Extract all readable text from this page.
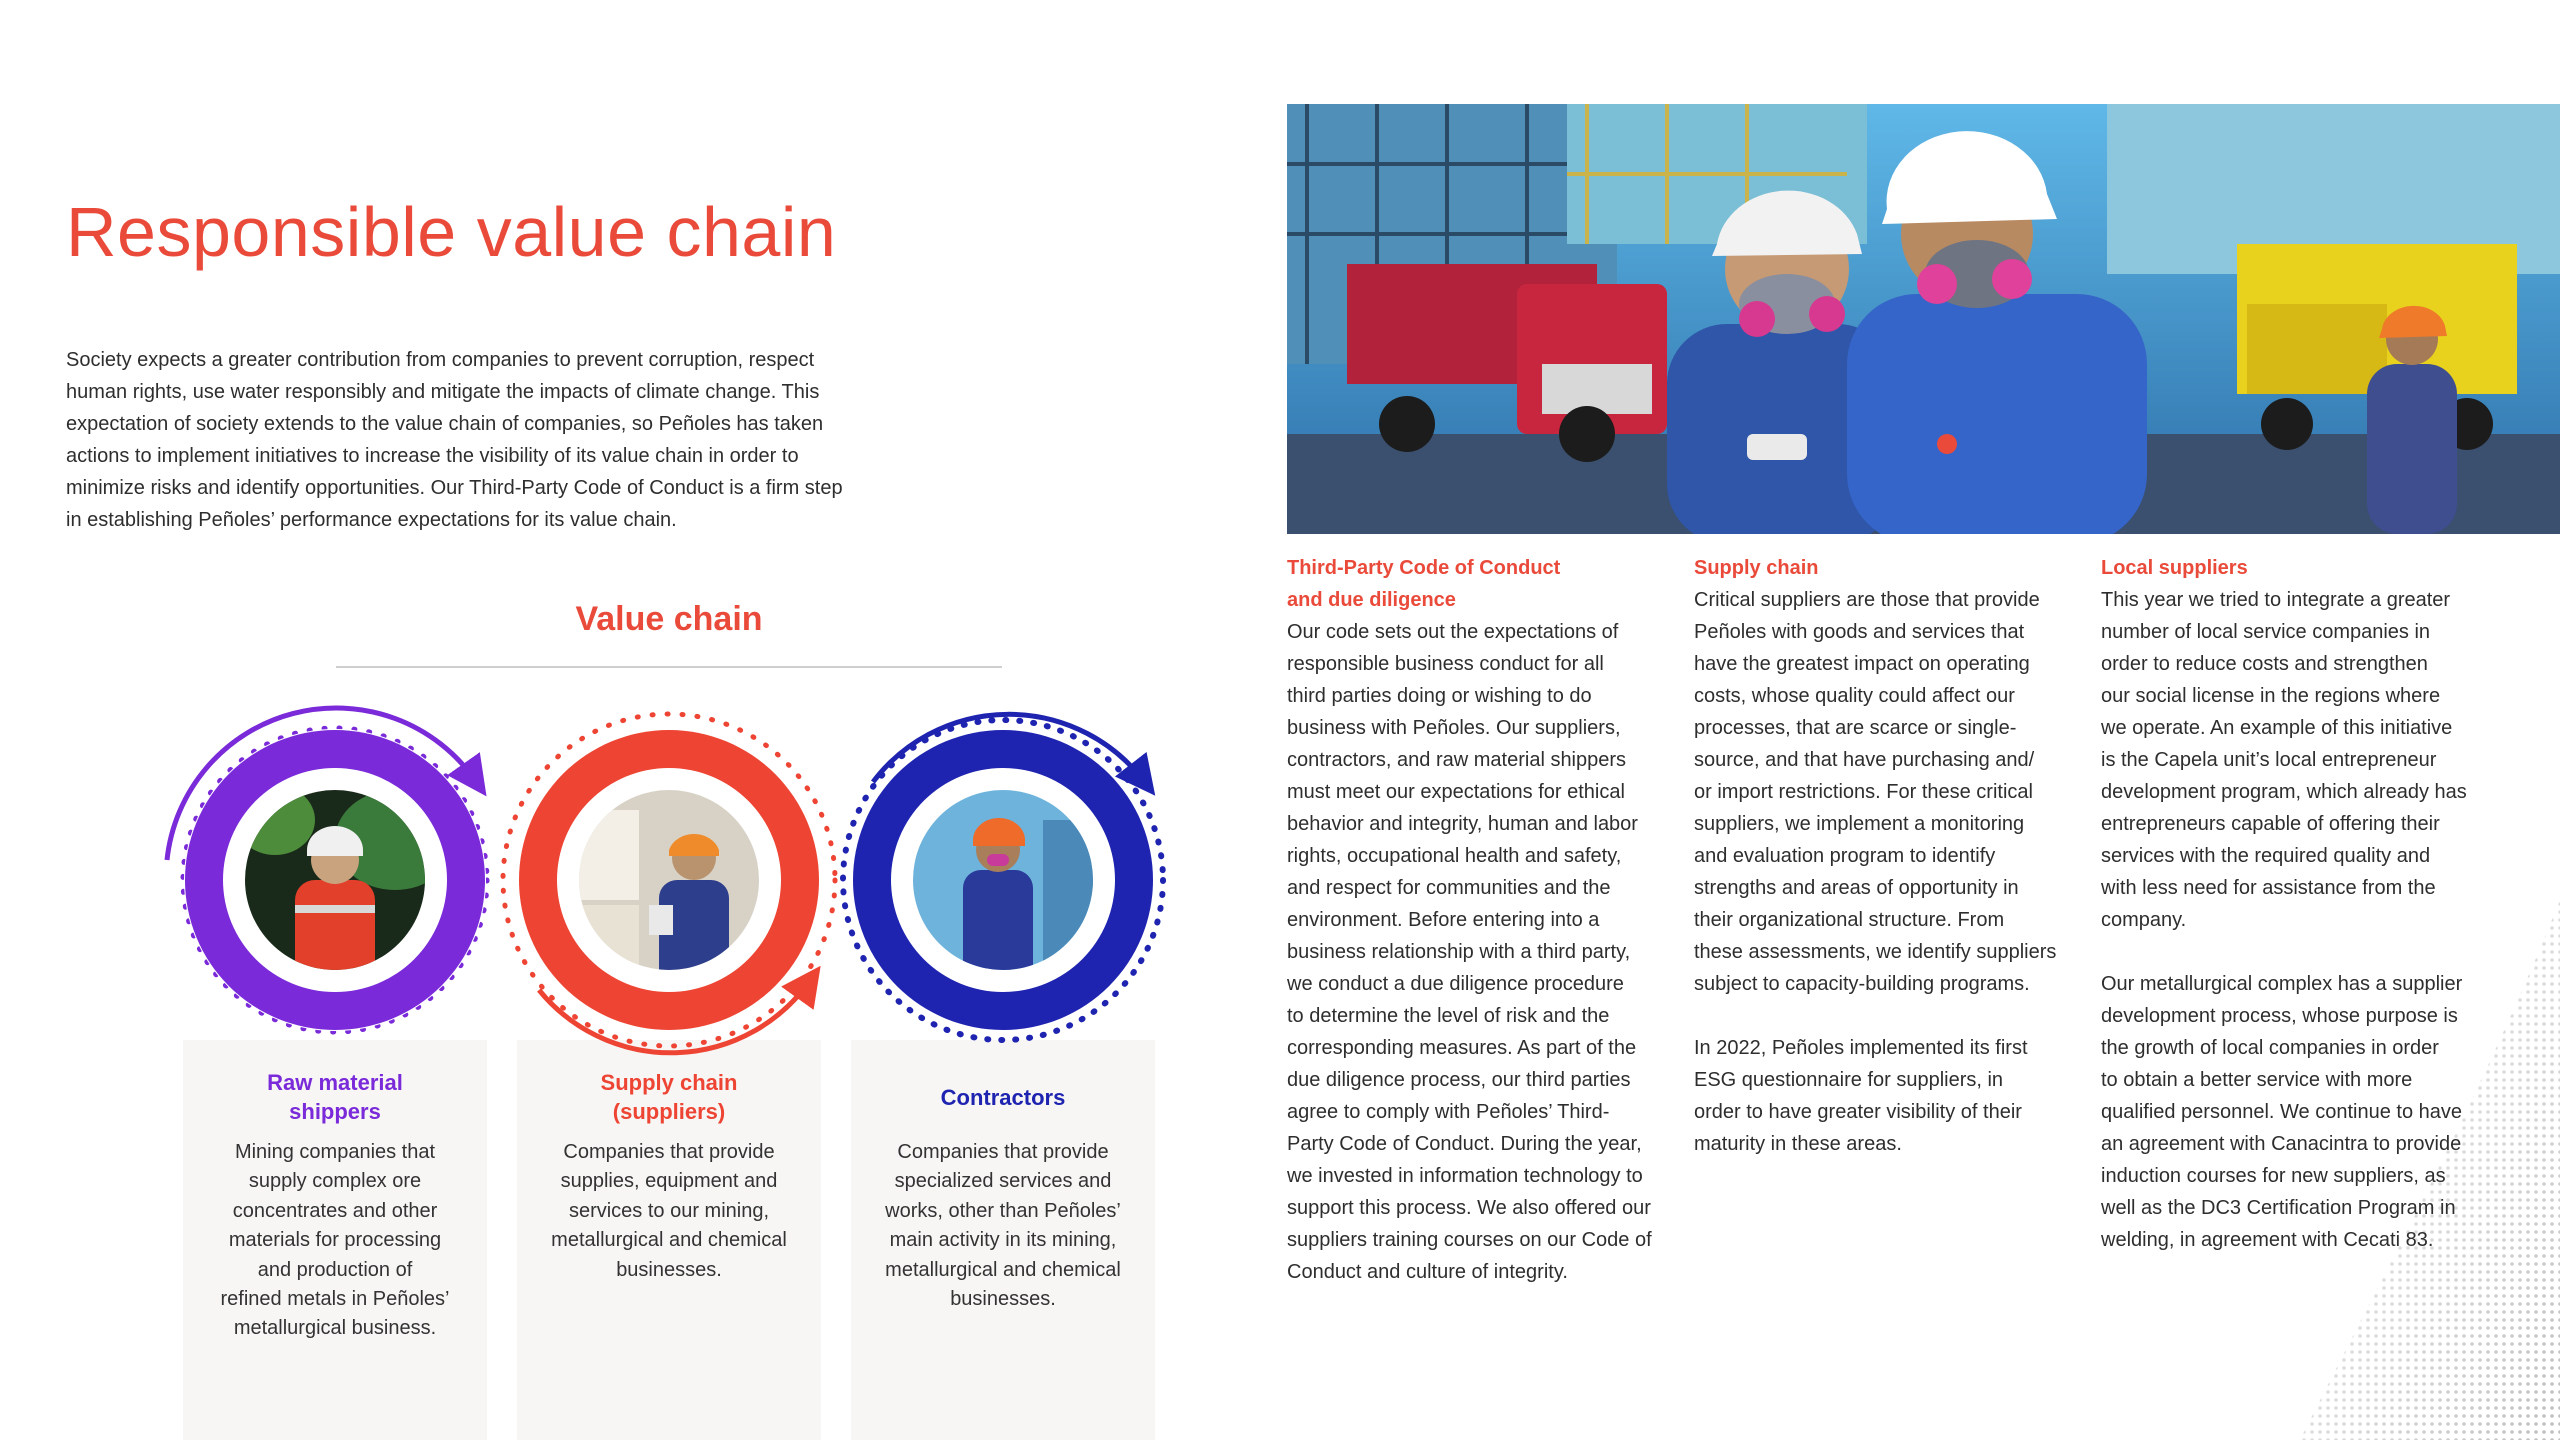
Responsible value chain

Society expects a greater contribution from companies to prevent corruption, respect

human rights, use water responsibly and mitigate the impacts of climate change. This

expectation of society extends to the value chain of companies, so Peñoles has taken

actions to implement initiatives to increase the visibility of its value chain in order to

minimize risks and identify opportunities. Our Third-Party Code of Conduct is a firm step

in establishing Peñoles’ performance expectations for its value chain.

Value chain
Raw material
shippers
Supply chain
(suppliers)
Contractors
Mining companies that
supply complex ore
concentrates and other
materials for processing
and production of
refined metals in Peñoles’
metallurgical business.
Companies that provide
supplies, equipment and
services to our mining,
metallurgical and chemical
businesses.
Companies that provide
specialized services and
works, other than Peñoles’
main activity in its mining,
metallurgical and chemical
businesses.
Third-Party Code of Conduct
and due diligence
Our code sets out the expectations of
responsible business conduct for all
third parties doing or wishing to do
business with Peñoles. Our suppliers,
contractors, and raw material shippers
must meet our expectations for ethical
behavior and integrity, human and labor
rights, occupational health and safety,
and respect for communities and the
environment. Before entering into a
business relationship with a third party,
we conduct a due diligence procedure
to determine the level of risk and the
corresponding measures. As part of the
due diligence process, our third parties
agree to comply with Peñoles’ Third-
Party Code of Conduct. During the year,
we invested in information technology to
support this process. We also offered our
suppliers training courses on our Code of
Conduct and culture of integrity.
Supply chain
Critical suppliers are those that provide
Peñoles with goods and services that
have the greatest impact on operating
costs, whose quality could affect our
processes, that are scarce or single-
source, and that have purchasing and/
or import restrictions. For these critical
suppliers, we implement a monitoring
and evaluation program to identify
strengths and areas of opportunity in
their organizational structure. From
these assessments, we identify suppliers
subject to capacity-building programs.
In 2022, Peñoles implemented its first
ESG questionnaire for suppliers, in
order to have greater visibility of their
maturity in these areas.
Local suppliers
This year we tried to integrate a greater
number of local service companies in
order to reduce costs and strengthen
our social license in the regions where
we operate. An example of this initiative
is the Capela unit’s local entrepreneur
development program, which already has
entrepreneurs capable of offering their
services with the required quality and
with less need for assistance from the
company.
Our metallurgical complex has a supplier
development process, whose purpose is
the growth of local companies in order
to obtain a better service with more
qualified personnel. We continue to have
an agreement with Canacintra to provide
induction courses for new suppliers, as
well as the DC3 Certification Program in
welding, in agreement with Cecati 83.
